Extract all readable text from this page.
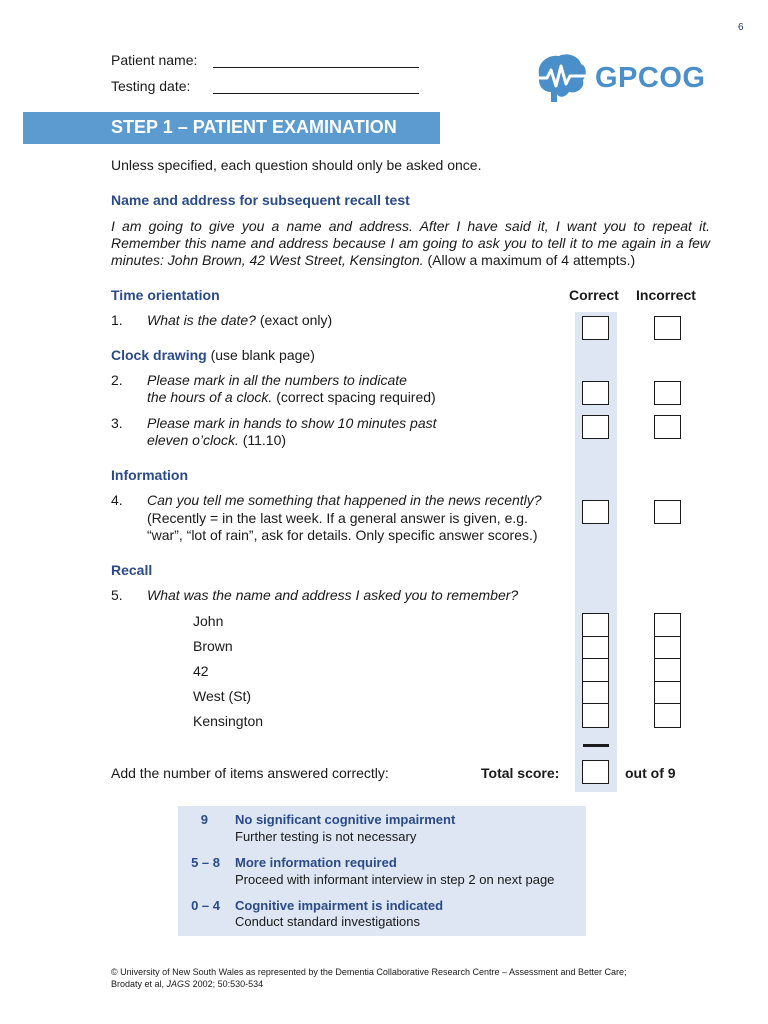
6
Patient name:
Testing date:	GPCOG
STEP 1 – PATIENT EXAMINATION
Unless specified, each question should only be asked once.
Name and address for subsequent recall test
I am going to give you a name and address. After I have said it, I want you to repeat it. Remember this name and address because I am going to ask you to tell it to me again in a few minutes: John Brown, 42 West Street, Kensington. (Allow a maximum of 4 attempts.)
Correct Incorrect
Time orientation
1. What is the date? (exact only)
Clock drawing (use blank page)
2. Please mark in all the numbers to indicate
the hours of a clock. (correct spacing required)
3. Please mark in hands to show 10 minutes past
eleven o’clock. (11.10)
Information
4. Can you tell me something that happened in the news recently?
(Recently = in the last week. If a general answer is given, e.g.
“war”, “lot of rain”, ask for details. Only specific answer scores.)
Recall
5. What was the name and address I asked you to remember?
John
Brown
42
West (St)
Kensington
Add the number of items answered correctly:	Total score:	out of 9
9 No significant cognitive impairment
Further testing is not necessary
5 – 8 More information required
Proceed with informant interview in step 2 on next page
0 – 4 Cognitive impairment is indicated
Conduct standard investigations
© University of New South Wales as represented by the Dementia Collaborative Research Centre – Assessment and Better Care;
Brodaty et al, JAGS 2002; 50:530-534
